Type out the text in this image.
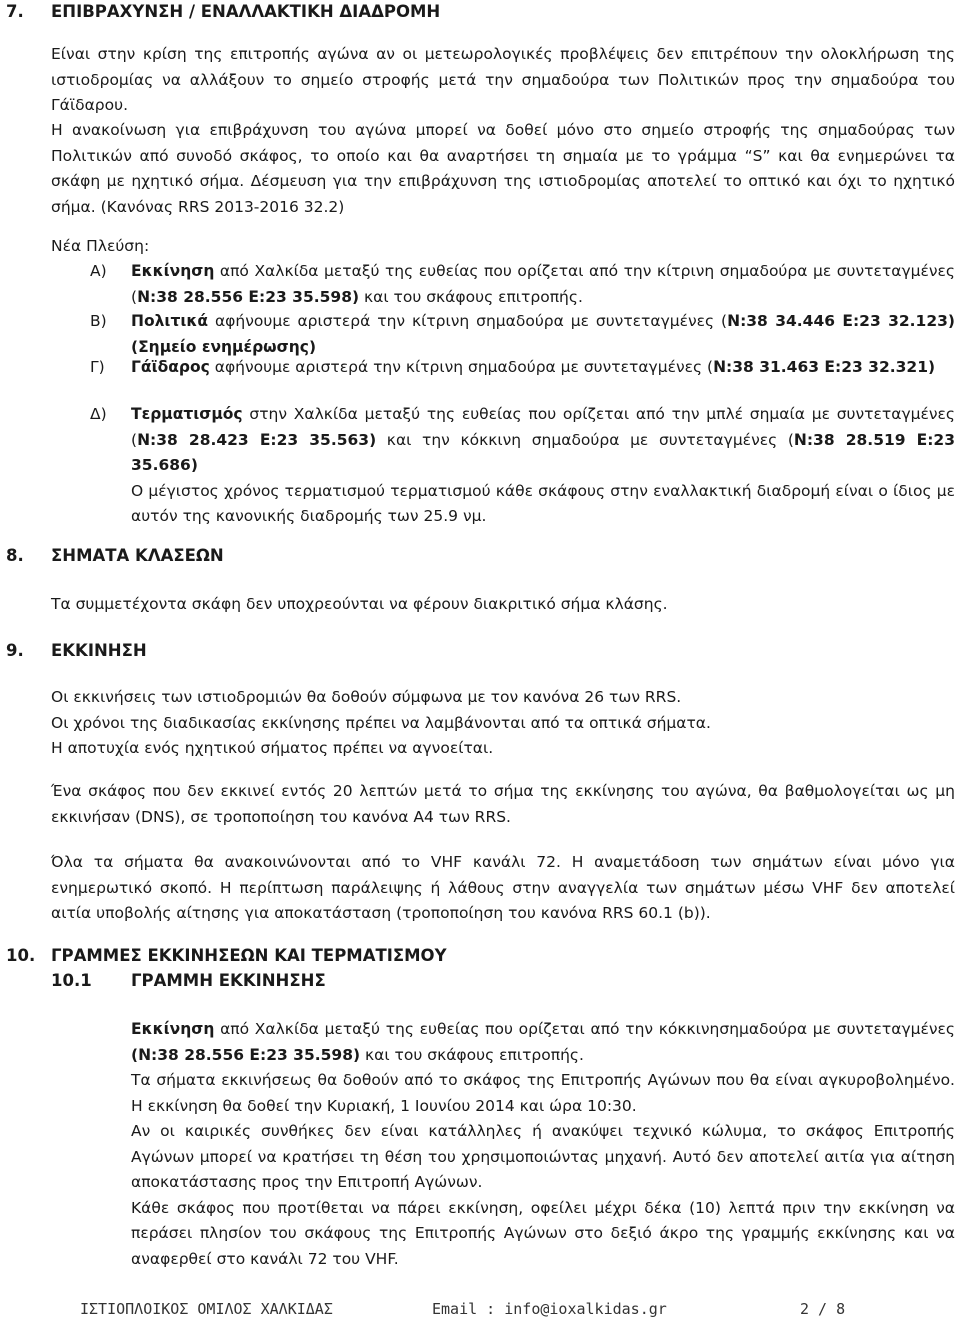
7. ΕΠΙΒΡΑΧΥΝΣΗ / ΕΝΑΛΛΑΚΤΙΚΗ ΔΙΑΔΡΟΜΗ

Είναι στην κρίση της επιτροπής αγώνα αν οι μετεωρολογικές προβλέψεις δεν επιτρέπουν την ολοκλήρωση της ιστιοδρομίας να αλλάξουν το σημείο στροφής μετά την σημαδούρα των Πολιτικών προς την σημαδούρα του Γάϊδαρου.

Η ανακοίνωση για επιβράχυνση του αγώνα μπορεί να δοθεί μόνο στο σημείο στροφής της σημαδούρας των Πολιτικών από συνοδό σκάφος, το οποίο και θα αναρτήσει τη σημαία με το γράμμα “S” και θα ενημερώνει τα σκάφη με ηχητικό σήμα. Δέσμευση για την επιβράχυνση της ιστιοδρομίας αποτελεί το οπτικό και όχι το ηχητικό σήμα. (Κανόνας RRS 2013-2016 32.2)

Νέα Πλεύση:

Α) Εκκίνηση από Χαλκίδα μεταξύ της ευθείας που ορίζεται από την κίτρινη σημαδούρα με συντεταγμένες (Ν:38 28.556 Ε:23 35.598) και του σκάφους επιτροπής.

Β) Πολιτικά αφήνουμε αριστερά την κίτρινη σημαδούρα με συντεταγμένες (Ν:38 34.446 Ε:23 32.123) (Σημείο ενημέρωσης)

Γ) Γάϊδαρος αφήνουμε αριστερά την κίτρινη σημαδούρα με συντεταγμένες (Ν:38 31.463 Ε:23 32.321)

Δ) Τερματισμός στην Χαλκίδα μεταξύ της ευθείας που ορίζεται από την μπλέ σημαία με συντεταγμένες (Ν:38 28.423 Ε:23 35.563) και την κόκκινη σημαδούρα με συντεταγμένες (Ν:38 28.519 Ε:23 35.686)
Ο μέγιστος χρόνος τερματισμού τερματισμού κάθε σκάφους στην εναλλακτική διαδρομή είναι ο ίδιος με αυτόν της κανονικής διαδρομής των 25.9 νμ.

8. ΣΗΜΑΤΑ ΚΛΑΣΕΩΝ

Τα συμμετέχοντα σκάφη δεν υποχρεούνται να φέρουν διακριτικό σήμα κλάσης.

9. ΕΚΚΙΝΗΣΗ

Οι εκκινήσεις των ιστιοδρομιών θα δοθούν σύμφωνα με τον κανόνα 26 των RRS.
Οι χρόνοι της διαδικασίας εκκίνησης πρέπει να λαμβάνονται από τα οπτικά σήματα.
Η αποτυχία ενός ηχητικού σήματος πρέπει να αγνοείται.

Ένα σκάφος που δεν εκκινεί εντός 20 λεπτών μετά το σήμα της εκκίνησης του αγώνα, θα βαθμολογείται ως μη εκκινήσαν (DNS), σε τροποποίηση του κανόνα Α4 των RRS.

Όλα τα σήματα θα ανακοινώνονται από το VHF κανάλι 72. Η αναμετάδοση των σημάτων είναι μόνο για ενημερωτικό σκοπό. Η περίπτωση παράλειψης ή λάθους στην αναγγελία των σημάτων μέσω VHF δεν αποτελεί αιτία υποβολής αίτησης για αποκατάσταση (τροποποίηση του κανόνα RRS 60.1 (b)).

10. ΓΡΑΜΜΕΣ ΕΚΚΙΝΗΣΕΩΝ ΚΑΙ ΤΕΡΜΑΤΙΣΜΟΥ
10.1 ΓΡΑΜΜΗ ΕΚΚΙΝΗΣΗΣ

Εκκίνηση από Χαλκίδα μεταξύ της ευθείας που ορίζεται από την κόκκινησημαδούρα με συντεταγμένες (Ν:38 28.556 Ε:23 35.598) και του σκάφους επιτροπής.
Τα σήματα εκκινήσεως θα δοθούν από το σκάφος της Επιτροπής Αγώνων που θα είναι αγκυροβολημένο. Η εκκίνηση θα δοθεί την Κυριακή, 1 Ιουνίου 2014 και ώρα 10:30.
Αν οι καιρικές συνθήκες δεν είναι κατάλληλες ή ανακύψει τεχνικό κώλυμα, το σκάφος Επιτροπής Αγώνων μπορεί να κρατήσει τη θέση του χρησιμοποιώντας μηχανή. Αυτό δεν αποτελεί αιτία για αίτηση αποκατάστασης προς την Επιτροπή Αγώνων.
Κάθε σκάφος που προτίθεται να πάρει εκκίνηση, οφείλει μέχρι δέκα (10) λεπτά πριν την εκκίνηση να περάσει πλησίον του σκάφους της Επιτροπής Αγώνων στο δεξιό άκρο της γραμμής εκκίνησης και να αναφερθεί στο κανάλι 72 του VHF.

ΙΣΤΙΟΠΛΟΙΚΟΣ ΟΜΙΛΟΣ ΧΑΛΚΙΔΑΣ	Email : info@ioxalkidas.gr	2 / 8
